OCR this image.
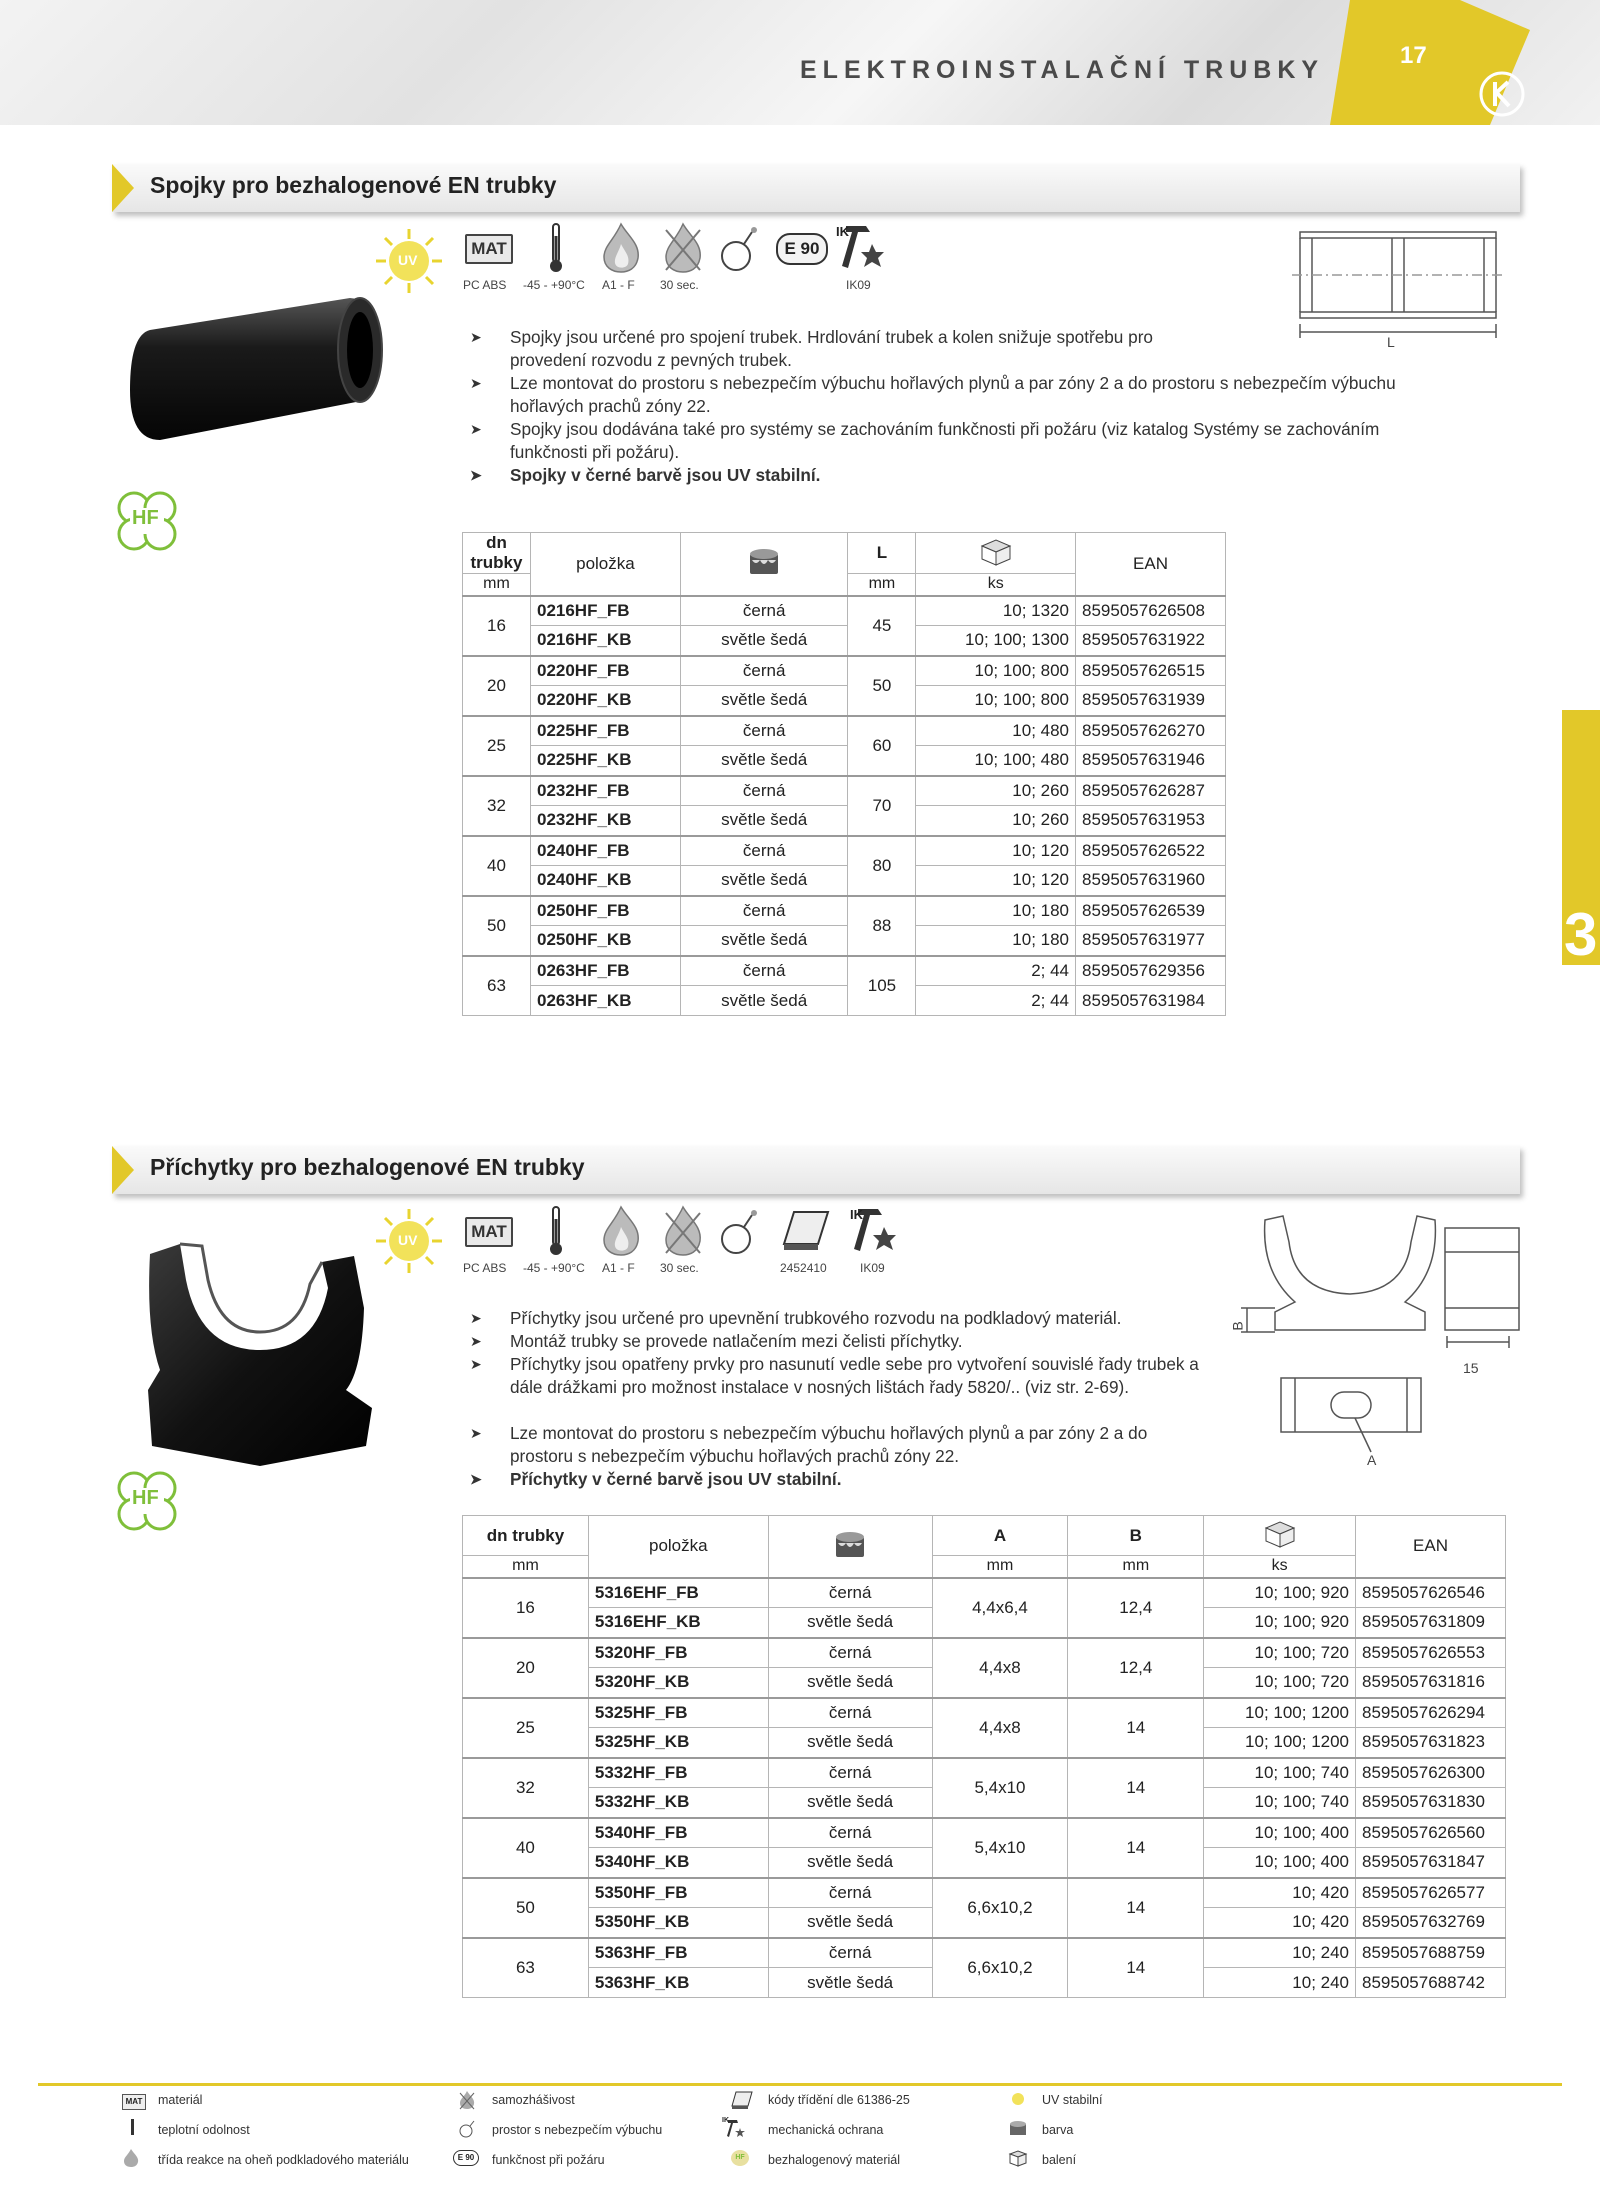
ELEKTROINSTALAČNÍ TRUBKY
17
3
Spojky pro bezhalogenové EN trubky
UV
MAT	E 90
IK
PC ABS -45 - +90°C A1 - F 30 sec.	IK09
HF
L
➤ Spojky jsou určené pro spojení trubek. Hrdlování trubek a kolen snižuje spotřebu pro provedení rozvodu z pevných trubek.
➤ Lze montovat do prostoru s nebezpečím výbuchu hořlavých plynů a par zóny 2 a do prostoru s nebezpečím výbuchu hořlavých prachů zóny 22.
➤ Spojky jsou dodávána také pro systémy se zachováním funkčnosti při požáru (viz katalog Systémy se zachováním funkčnosti při požáru).
➤ Spojky v černé barvě jsou UV stabilní.
dn trubky	položka		L		EAN
mm			mm	ks	
16	0216HF_FB	černá	45	10; 1320	8595057626508
	0216HF_KB	světle šedá		10; 100; 1300	8595057631922
20	0220HF_FB	černá	50	10; 100; 800	8595057626515
	0220HF_KB	světle šedá		10; 100; 800	8595057631939
25	0225HF_FB	černá	60	10; 480	8595057626270
	0225HF_KB	světle šedá		10; 100; 480	8595057631946
32	0232HF_FB	černá	70	10; 260	8595057626287
	0232HF_KB	světle šedá		10; 260	8595057631953
40	0240HF_FB	černá	80	10; 120	8595057626522
	0240HF_KB	světle šedá		10; 120	8595057631960
50	0250HF_FB	černá	88	10; 180	8595057626539
	0250HF_KB	světle šedá		10; 180	8595057631977
63	0263HF_FB	černá	105	2; 44	8595057629356
	0263HF_KB	světle šedá		2; 44	8595057631984
Příchytky pro bezhalogenové EN trubky
UV	MAT
IK
PC ABS -45 - +90°C A1 - F 30 sec.	2452410	IK09
HF
B
15
A
➤ Příchytky jsou určené pro upevnění trubkového rozvodu na podkladový materiál.
➤ Montáž trubky se provede natlačením mezi čelisti příchytky.
➤ Příchytky jsou opatřeny prvky pro nasunutí vedle sebe pro vytvoření souvislé řady trubek a dále drážkami pro možnost instalace v nosných lištách řady 5820/.. (viz str. 2-69).
➤ Lze montovat do prostoru s nebezpečím výbuchu hořlavých plynů a par zóny 2 a do prostoru s nebezpečím výbuchu hořlavých prachů zóny 22.
➤ Příchytky v černé barvě jsou UV stabilní.
dn trubky	položka		A	B		EAN
mm			mm	mm	ks	
16	5316EHF_FB	černá	4,4x6,4	12,4	10; 100; 920	8595057626546
	5316EHF_KB	světle šedá			10; 100; 920	8595057631809
20	5320HF_FB	černá	4,4x8	12,4	10; 100; 720	8595057626553
	5320HF_KB	světle šedá			10; 100; 720	8595057631816
25	5325HF_FB	černá	4,4x8	14	10; 100; 1200	8595057626294
	5325HF_KB	světle šedá			10; 100; 1200	8595057631823
32	5332HF_FB	černá	5,4x10	14	10; 100; 740	8595057626300
	5332HF_KB	světle šedá			10; 100; 740	8595057631830
40	5340HF_FB	černá	5,4x10	14	10; 100; 400	8595057626560
	5340HF_KB	světle šedá			10; 100; 400	8595057631847
50	5350HF_FB	černá	6,6x10,2	14	10; 420	8595057626577
	5350HF_KB	světle šedá			10; 420	8595057632769
63	5363HF_FB	černá	6,6x10,2	14	10; 240	8595057688759
	5363HF_KB	světle šedá			10; 240	8595057688742
MAT materiál
teplotní odolnost
třída reakce na oheň podkladového materiálu
samozhášivost
prostor s nebezpečím výbuchu
E 90	funkčnost při požáru
kódy třídění dle 61386-25
IK
mechanická ochrana
HF	bezhalogenový materiál
UV stabilní
barva
balení
